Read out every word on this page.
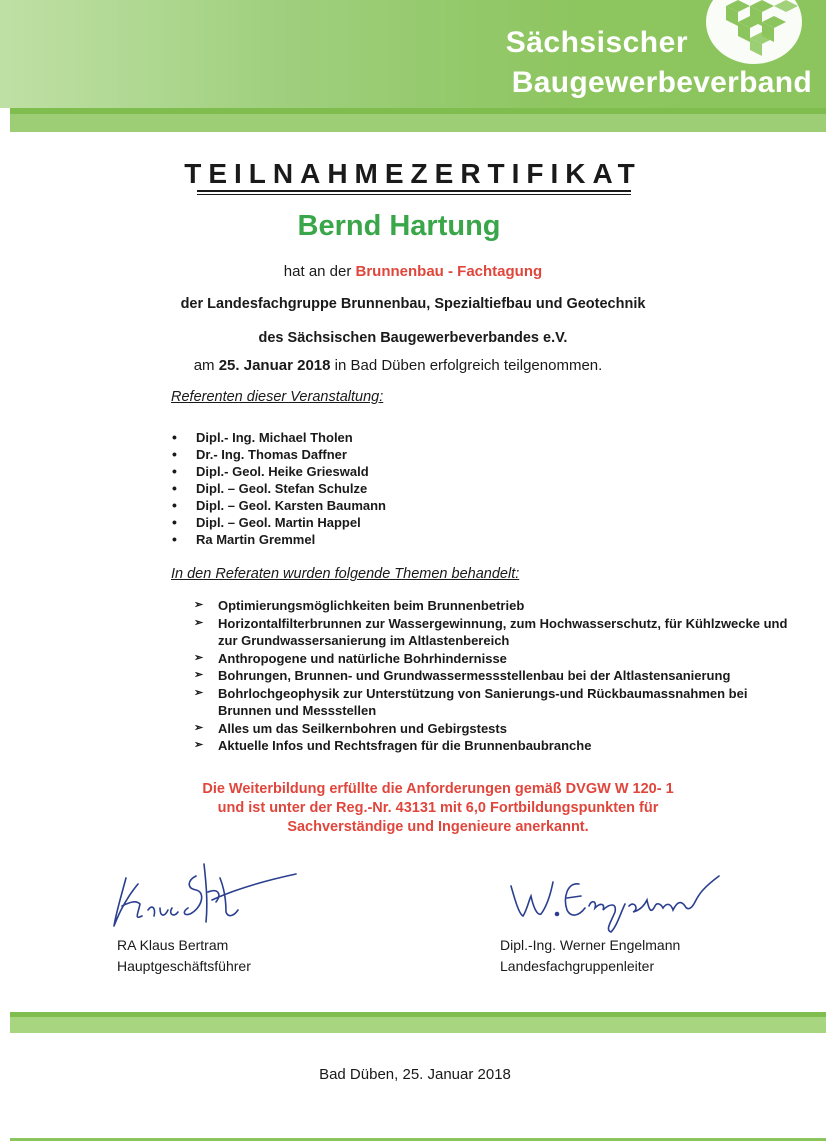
Sächsischer
Baugewerbeverband
TEILNAHMEZERTIFIKAT
Bernd Hartung
hat an der Brunnenbau - Fachtagung
der Landesfachgruppe Brunnenbau, Spezialtiefbau und Geotechnik
des Sächsischen Baugewerbeverbandes e.V.
am 25. Januar 2018 in Bad Düben erfolgreich teilgenommen.
Referenten dieser Veranstaltung:
• Dipl.- Ing. Michael Tholen
• Dr.- Ing. Thomas Daffner
• Dipl.- Geol. Heike Grieswald
• Dipl. – Geol. Stefan Schulze
• Dipl. – Geol. Karsten Baumann
• Dipl. – Geol. Martin Happel
• Ra Martin Gremmel
In den Referaten wurden folgende Themen behandelt:
➢ Optimierungsmöglichkeiten beim Brunnenbetrieb
➢ Horizontalfilterbrunnen zur Wassergewinnung, zum Hochwasserschutz, für Kühlzwecke und zur Grundwassersanierung im Altlastenbereich
➢ Anthropogene und natürliche Bohrhindernisse
➢ Bohrungen, Brunnen- und Grundwassermessstellenbau bei der Altlastensanierung
➢ Bohrlochgeophysik zur Unterstützung von Sanierungs-und Rückbaumassnahmen bei Brunnen und Messstellen
➢ Alles um das Seilkernbohren und Gebirgstests
➢ Aktuelle Infos und Rechtsfragen für die Brunnenbaubranche
Die Weiterbildung erfüllte die Anforderungen gemäß DVGW W 120- 1
und ist unter der Reg.-Nr. 43131 mit 6,0 Fortbildungspunkten für
Sachverständige und Ingenieure anerkannt.
RA Klaus Bertram
Hauptgeschäftsführer
Dipl.-Ing. Werner Engelmann
Landesfachgruppenleiter
Bad Düben, 25. Januar 2018
